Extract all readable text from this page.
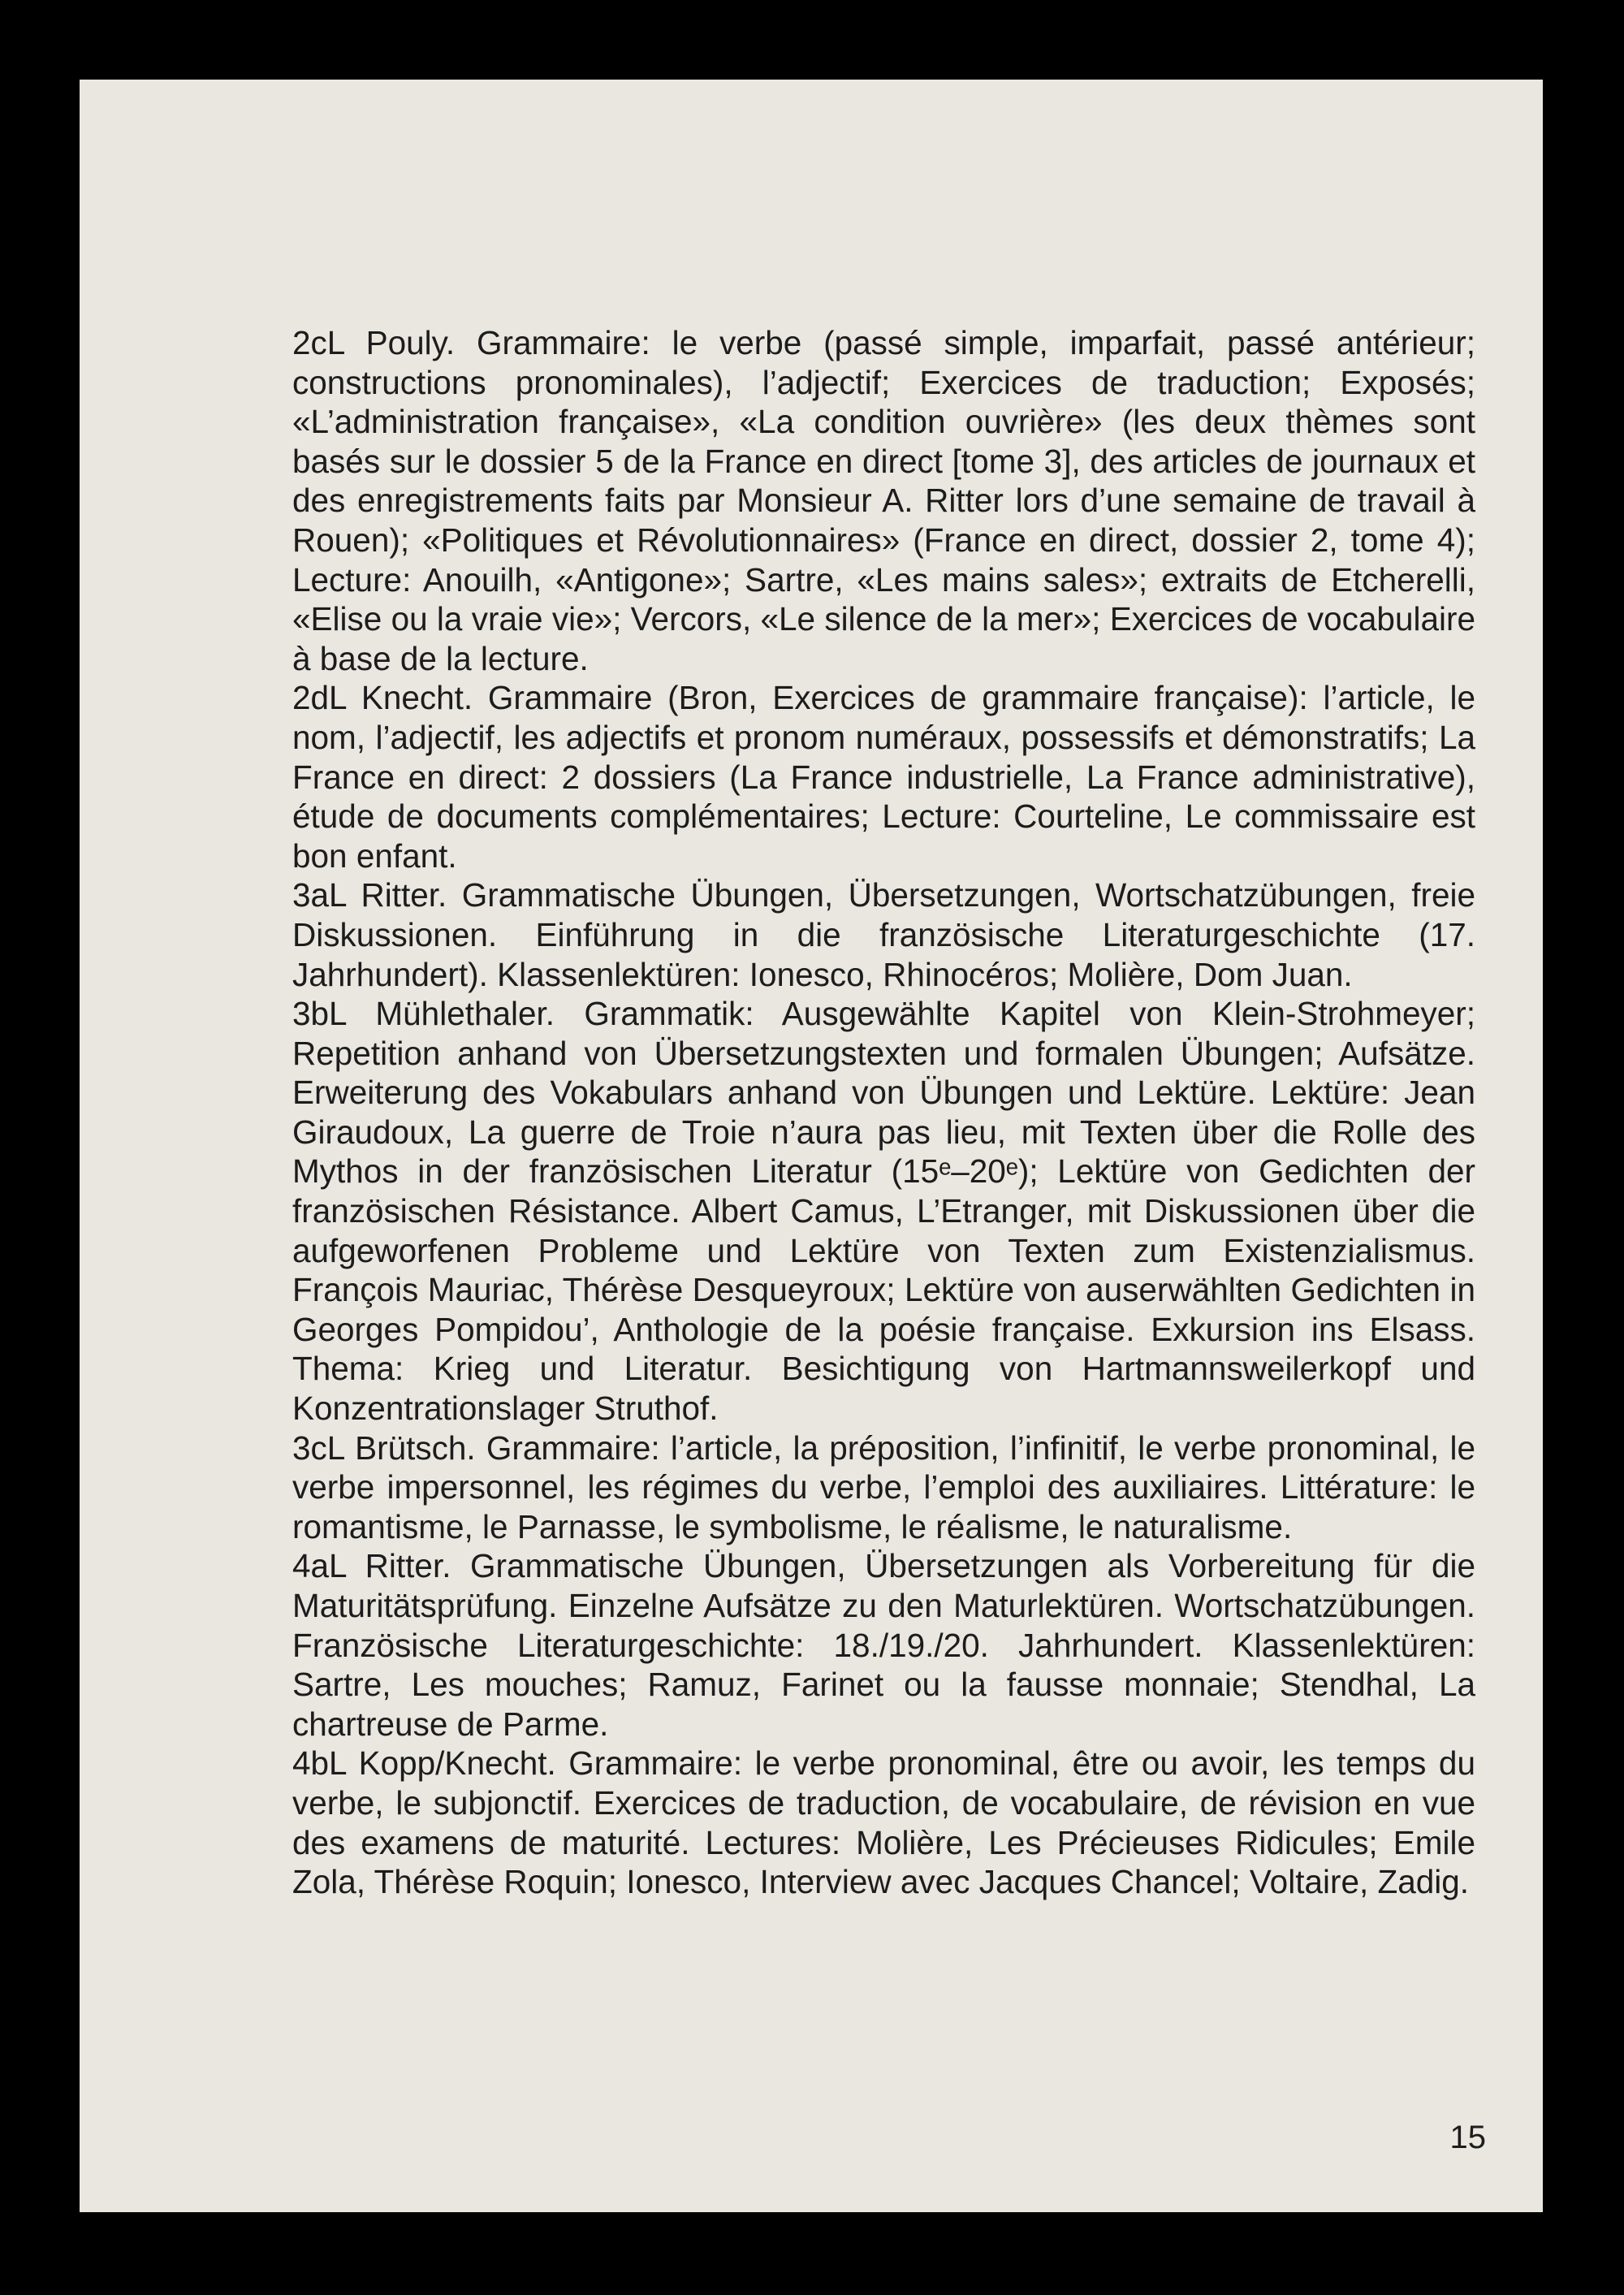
2cL Pouly. Grammaire: le verbe (passé simple, imparfait, passé antérieur; constructions pronominales), l’adjectif; Exercices de traduction; Exposés; «L’administration française», «La condition ouvrière» (les deux thèmes sont basés sur le dossier 5 de la France en direct [tome 3], des articles de journaux et des enregistrements faits par Monsieur A. Ritter lors d’une semaine de travail à Rouen); «Politiques et Révolutionnaires» (France en direct, dossier 2, tome 4); Lecture: Anouilh, «Antigone»; Sartre, «Les mains sales»; extraits de Etcherelli, «Elise ou la vraie vie»; Vercors, «Le silence de la mer»; Exercices de vocabulaire à base de la lecture.

2dL Knecht. Grammaire (Bron, Exercices de grammaire française): l’article, le nom, l’adjectif, les adjectifs et pronom numéraux, possessifs et démonstratifs; La France en direct: 2 dossiers (La France industrielle, La France administrative), étude de documents complémentaires; Lecture: Courteline, Le commissaire est bon enfant.

3aL Ritter. Grammatische Übungen, Übersetzungen, Wortschatzübungen, freie Diskussionen. Einführung in die französische Literaturgeschichte (17. Jahrhundert). Klassenlektüren: Ionesco, Rhinocéros; Molière, Dom Juan.

3bL Mühlethaler. Grammatik: Ausgewählte Kapitel von Klein-Strohmeyer; Repetition anhand von Übersetzungstexten und formalen Übungen; Aufsätze. Erweiterung des Vokabulars anhand von Übungen und Lektüre. Lektüre: Jean Giraudoux, La guerre de Troie n’aura pas lieu, mit Texten über die Rolle des Mythos in der französischen Literatur (15ᵉ–20ᵉ); Lektüre von Gedichten der französischen Résistance. Albert Camus, L’Etranger, mit Diskussionen über die aufgeworfenen Probleme und Lektüre von Texten zum Existenzialismus. François Mauriac, Thérèse Desqueyroux; Lektüre von auserwählten Gedichten in Georges Pompidou’, Anthologie de la poésie française. Exkursion ins Elsass. Thema: Krieg und Literatur. Besichtigung von Hartmannsweilerkopf und Konzentrationslager Struthof.

3cL Brütsch. Grammaire: l’article, la préposition, l’infinitif, le verbe pronominal, le verbe impersonnel, les régimes du verbe, l’emploi des auxiliaires. Littérature: le romantisme, le Parnasse, le symbolisme, le réalisme, le naturalisme.

4aL Ritter. Grammatische Übungen, Übersetzungen als Vorbereitung für die Maturitätsprüfung. Einzelne Aufsätze zu den Maturlektüren. Wortschatzübungen. Französische Literaturgeschichte: 18./19./20. Jahrhundert. Klassenlektüren: Sartre, Les mouches; Ramuz, Farinet ou la fausse monnaie; Stendhal, La chartreuse de Parme.

4bL Kopp/Knecht. Grammaire: le verbe pronominal, être ou avoir, les temps du verbe, le subjonctif. Exercices de traduction, de vocabulaire, de révision en vue des examens de maturité. Lectures: Molière, Les Précieuses Ridicules; Emile Zola, Thérèse Roquin; Ionesco, Interview avec Jacques Chancel; Voltaire, Zadig.

15
